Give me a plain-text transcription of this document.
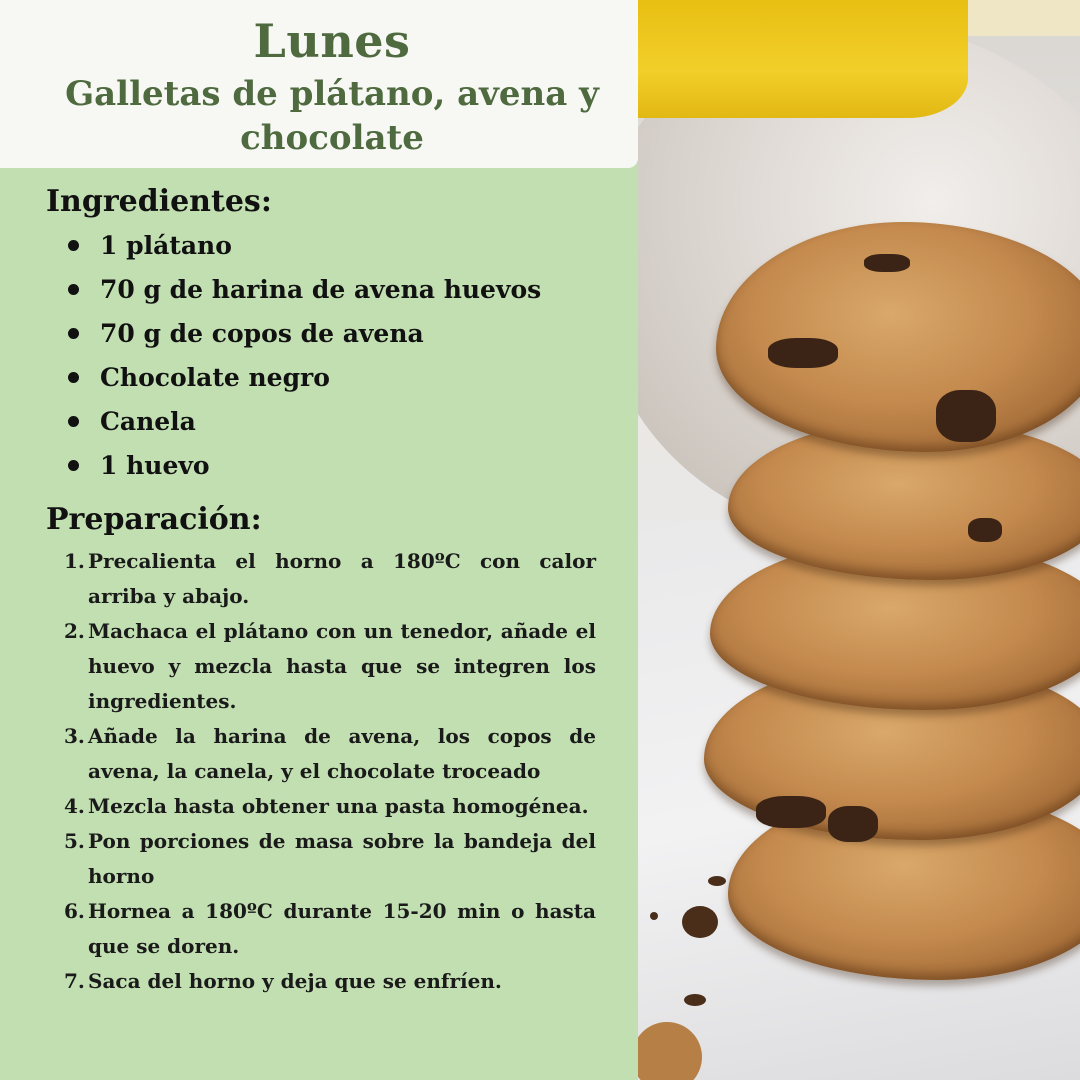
Lunes
Galletas de plátano, avena y chocolate
Ingredientes:
1 plátano
70 g de harina de avena huevos
70 g de copos de avena
Chocolate negro
Canela
1 huevo
Preparación:
1. Precalienta el horno a 180ºC con calor arriba y abajo.
2. Machaca el plátano con un tenedor, añade el huevo y mezcla hasta que se integren los ingredientes.
3. Añade la harina de avena, los copos de avena, la canela, y el chocolate troceado
4. Mezcla hasta obtener una pasta homogénea.
5. Pon porciones de masa sobre la bandeja del horno
6. Hornea a 180ºC durante 15-20 min o hasta que se doren.
7. Saca del horno y deja que se enfríen.
